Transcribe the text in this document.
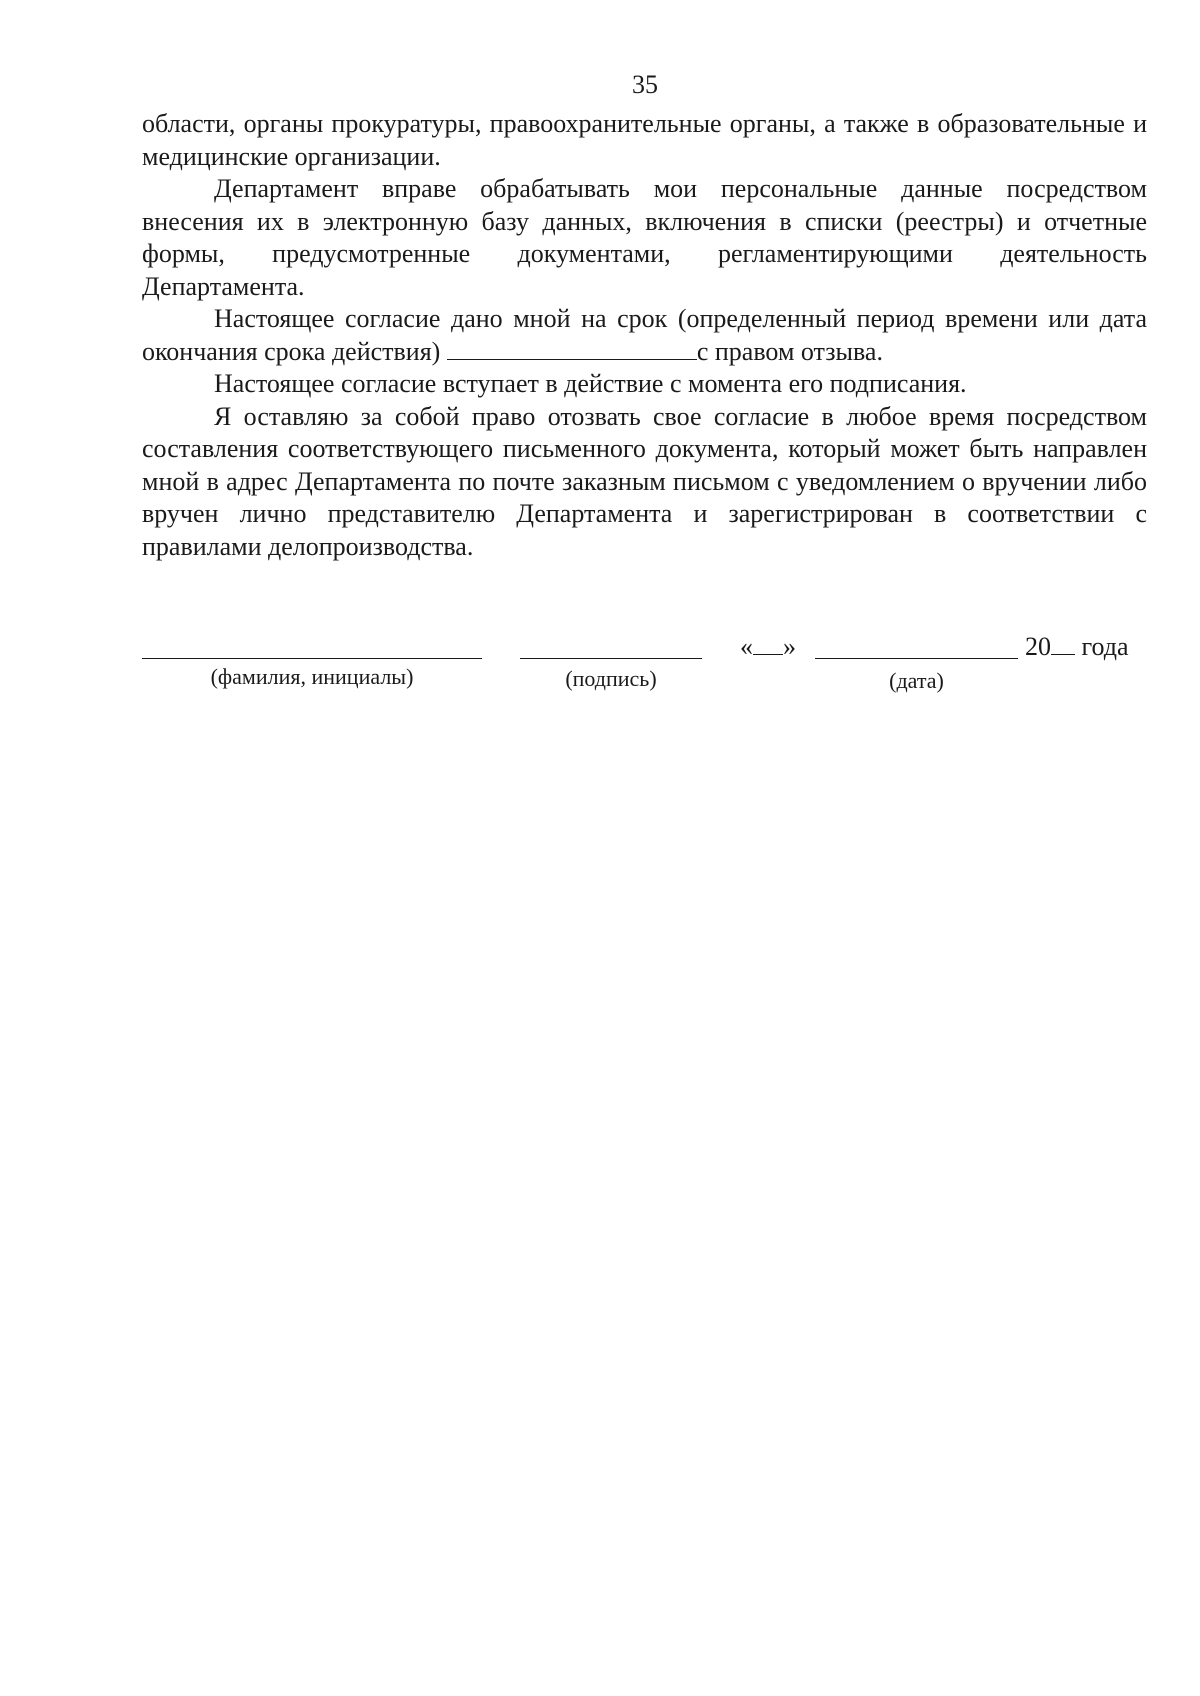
35

области, органы прокуратуры, правоохранительные органы, а также в образовательные и медицинские организации.

Департамент вправе обрабатывать мои персональные данные посредством внесения их в электронную базу данных, включения в списки (реестры) и отчетные формы, предусмотренные документами, регламентирующими деятельность Департамента.

Настоящее согласие дано мной на срок (определенный период времени или дата окончания срока действия)	с правом отзыва.

Настоящее согласие вступает в действие с момента его подписания.

Я оставляю за собой право отозвать свое согласие в любое время посредством составления соответствующего письменного документа, который может быть направлен мной в адрес Департамента по почте заказным письмом с уведомлением о вручении либо вручен лично представителю Департамента и зарегистрирован в соответствии с правилами делопроизводства.

(фамилия, инициалы)	(подпись)
« »
(дата)
20 года
